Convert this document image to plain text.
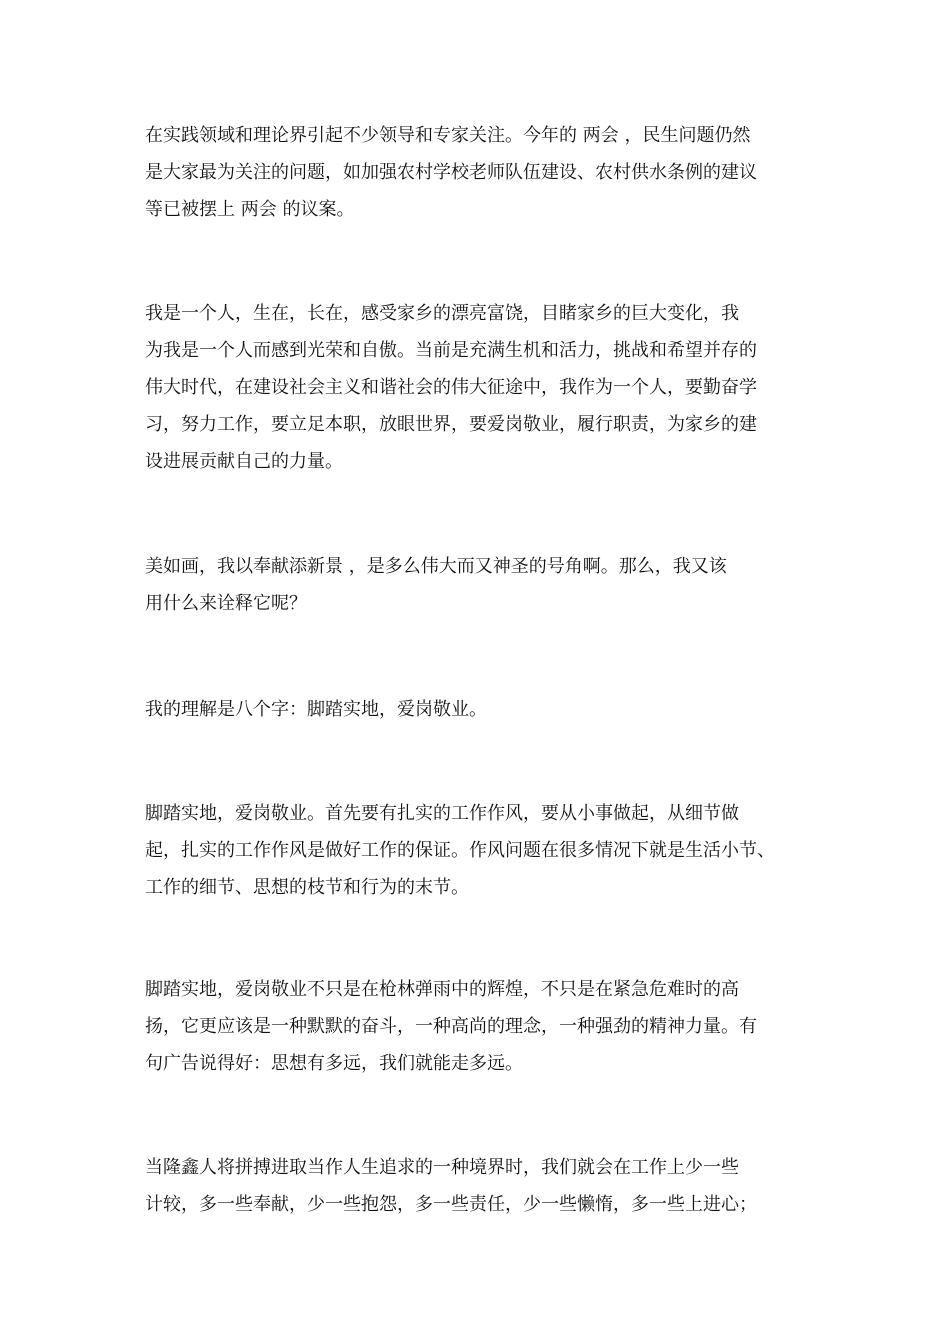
在实践领域和理论界引起不少领导和专家关注。今年的 两会 ，民生问题仍然
是大家最为关注的问题，如加强农村学校老师队伍建设、农村供水条例的建议
等已被摆上 两会 的议案。

我是一个人，生在，长在，感受家乡的漂亮富饶，目睹家乡的巨大变化，我
为我是一个人而感到光荣和自傲。当前是充满生机和活力，挑战和希望并存的
伟大时代，在建设社会主义和谐社会的伟大征途中，我作为一个人，要勤奋学
习，努力工作，要立足本职，放眼世界，要爱岗敬业，履行职责，为家乡的建
设进展贡献自己的力量。

美如画，我以奉献添新景 ，是多么伟大而又神圣的号角啊。那么，我又该
用什么来诠释它呢？

我的理解是八个字：脚踏实地，爱岗敬业。

脚踏实地，爱岗敬业。首先要有扎实的工作作风，要从小事做起，从细节做
起，扎实的工作作风是做好工作的保证。作风问题在很多情况下就是生活小节、
工作的细节、思想的枝节和行为的末节。

脚踏实地，爱岗敬业不只是在枪林弹雨中的辉煌，不只是在紧急危难时的高
扬，它更应该是一种默默的奋斗，一种高尚的理念，一种强劲的精神力量。有
句广告说得好：思想有多远，我们就能走多远。

当隆鑫人将拼搏进取当作人生追求的一种境界时，我们就会在工作上少一些
计较，多一些奉献，少一些抱怨，多一些责任，少一些懒惰，多一些上进心；
